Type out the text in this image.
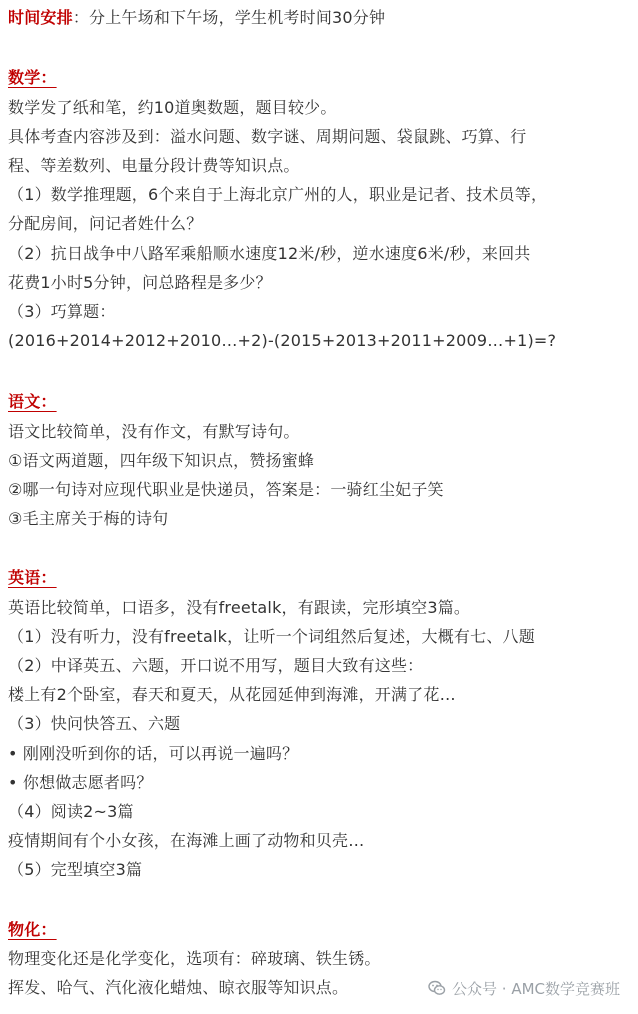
时间安排：分上午场和下午场，学生机考时间30分钟
数学：
数学发了纸和笔，约10道奥数题，题目较少。
具体考查内容涉及到：溢水问题、数字谜、周期问题、袋鼠跳、巧算、行
程、等差数列、电量分段计费等知识点。
（1）数学推理题，6个来自于上海北京广州的人，职业是记者、技术员等，
分配房间，问记者姓什么？
（2）抗日战争中八路军乘船顺水速度12米/秒，逆水速度6米/秒，来回共
花费1小时5分钟，问总路程是多少？
（3）巧算题：
(2016+2014+2012+2010…+2)-(2015+2013+2011+2009…+1)=?
语文：
语文比较简单，没有作文，有默写诗句。
①语文两道题，四年级下知识点，赞扬蜜蜂
②哪一句诗对应现代职业是快递员，答案是：一骑红尘妃子笑
③毛主席关于梅的诗句
英语：
英语比较简单，口语多，没有freetalk，有跟读，完形填空3篇。
（1）没有听力，没有freetalk，让听一个词组然后复述，大概有七、八题
（2）中译英五、六题，开口说不用写，题目大致有这些：
楼上有2个卧室，春天和夏天，从花园延伸到海滩，开满了花…
（3）快问快答五、六题
• 刚刚没听到你的话，可以再说一遍吗？
• 你想做志愿者吗？
（4）阅读2~3篇
疫情期间有个小女孩，在海滩上画了动物和贝壳…
（5）完型填空3篇
物化：
物理变化还是化学变化，选项有：碎玻璃、铁生锈。
挥发、哈气、汽化液化蜡烛、晾衣服等知识点。	公众号 · AMC数学竞赛班
